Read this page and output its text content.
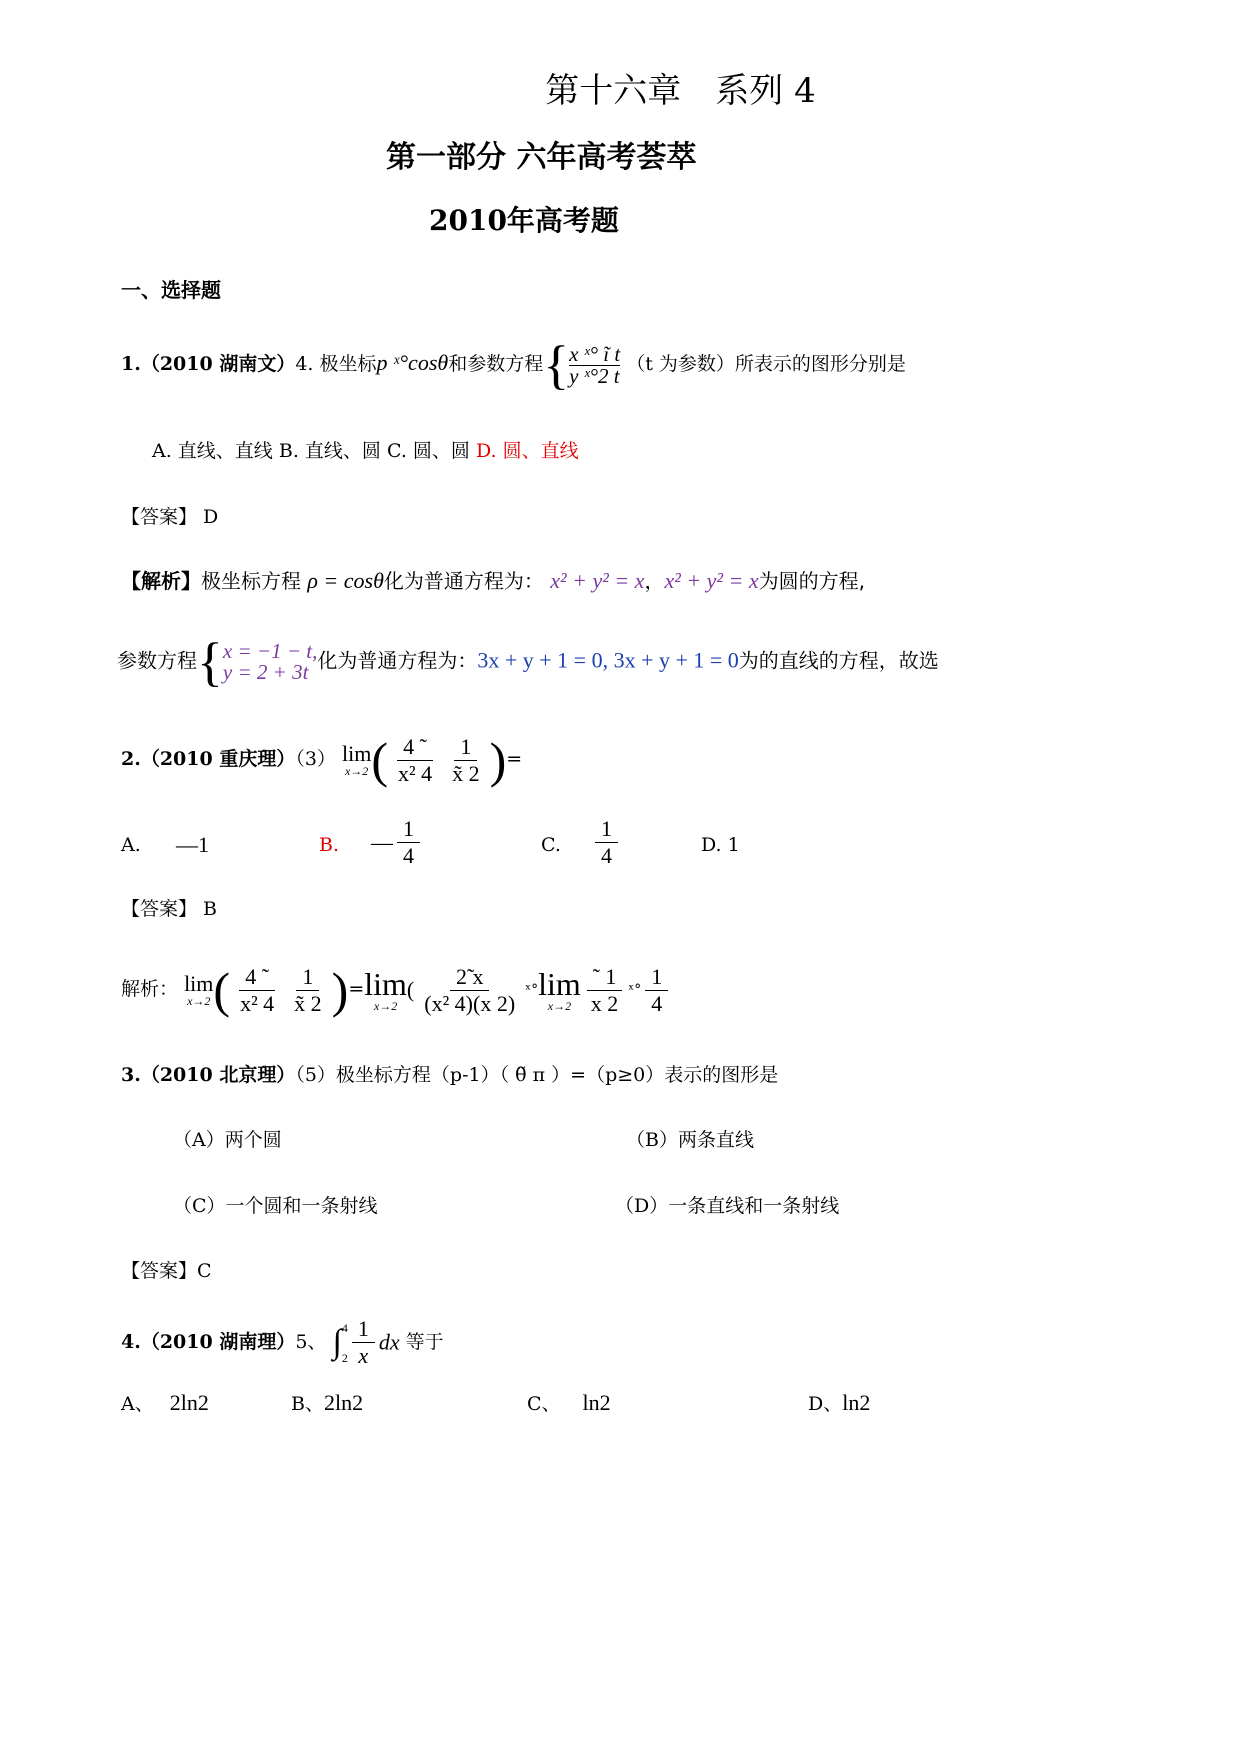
第十六章　系列 4
第一部分 六年高考荟萃
2010年高考题
一、选择题
1.（2010 湖南文）4. 极坐标p ˣ°cosθ和参数方程{ $\frac{\text{x ˣ° ĩ t}}{\text{y ˣ°2 t}} (t$ 为参数）所表示的图形分别是
A. 直线、直线 B. 直线、圆 C. 圆、圆 D. 圆、直线
【答案】 D
【解析】极坐标方程 ρ = cosθ化为普通方程为： x² + y² = x，x² + y² = x为圆的方程,
参数方程{ x = −1 − t,
y = 2 + 3t 化为普通方程为：3x + y + 1 = 0, 3x + y + 1 = 0为的直线的方程，故选
2.（2010 重庆理）（3） lim
x→2 ( $\frac{4 ˜}{\text{x² 4}} \frac{1}{x̃ 2}$ )=
A. —1	B. — $\frac{1}{4}$	C. $\frac{1}{4}$	D. 1
【答案】 B
解析： lim
x→2 ( $\frac{4 ˜}{\text{x² 4}} \frac{1}{x̃ 2}$ )= lim
x→2
( $\frac{2̃ x}{\text{(x² 4)(x 2)}}$ ˣ° lim
$x\to 2 \frac{˜ 1}{x 2}$ ˣ° $\frac{1}{4}$
3.（2010 北京理）（5）极坐标方程（p-1）（ θ̃ π ）=（p≥0）表示的图形是
（A）两个圆	（B）两条直线
（C）一个圆和一条射线	（D）一条直线和一条射线
【答案】C
4.（2010 湖南理）5、 ∫ 4
$2 \frac{1}{x}$ dx 等于
A、 2ln2	B、2ln2	C、 ln2	D、ln2
